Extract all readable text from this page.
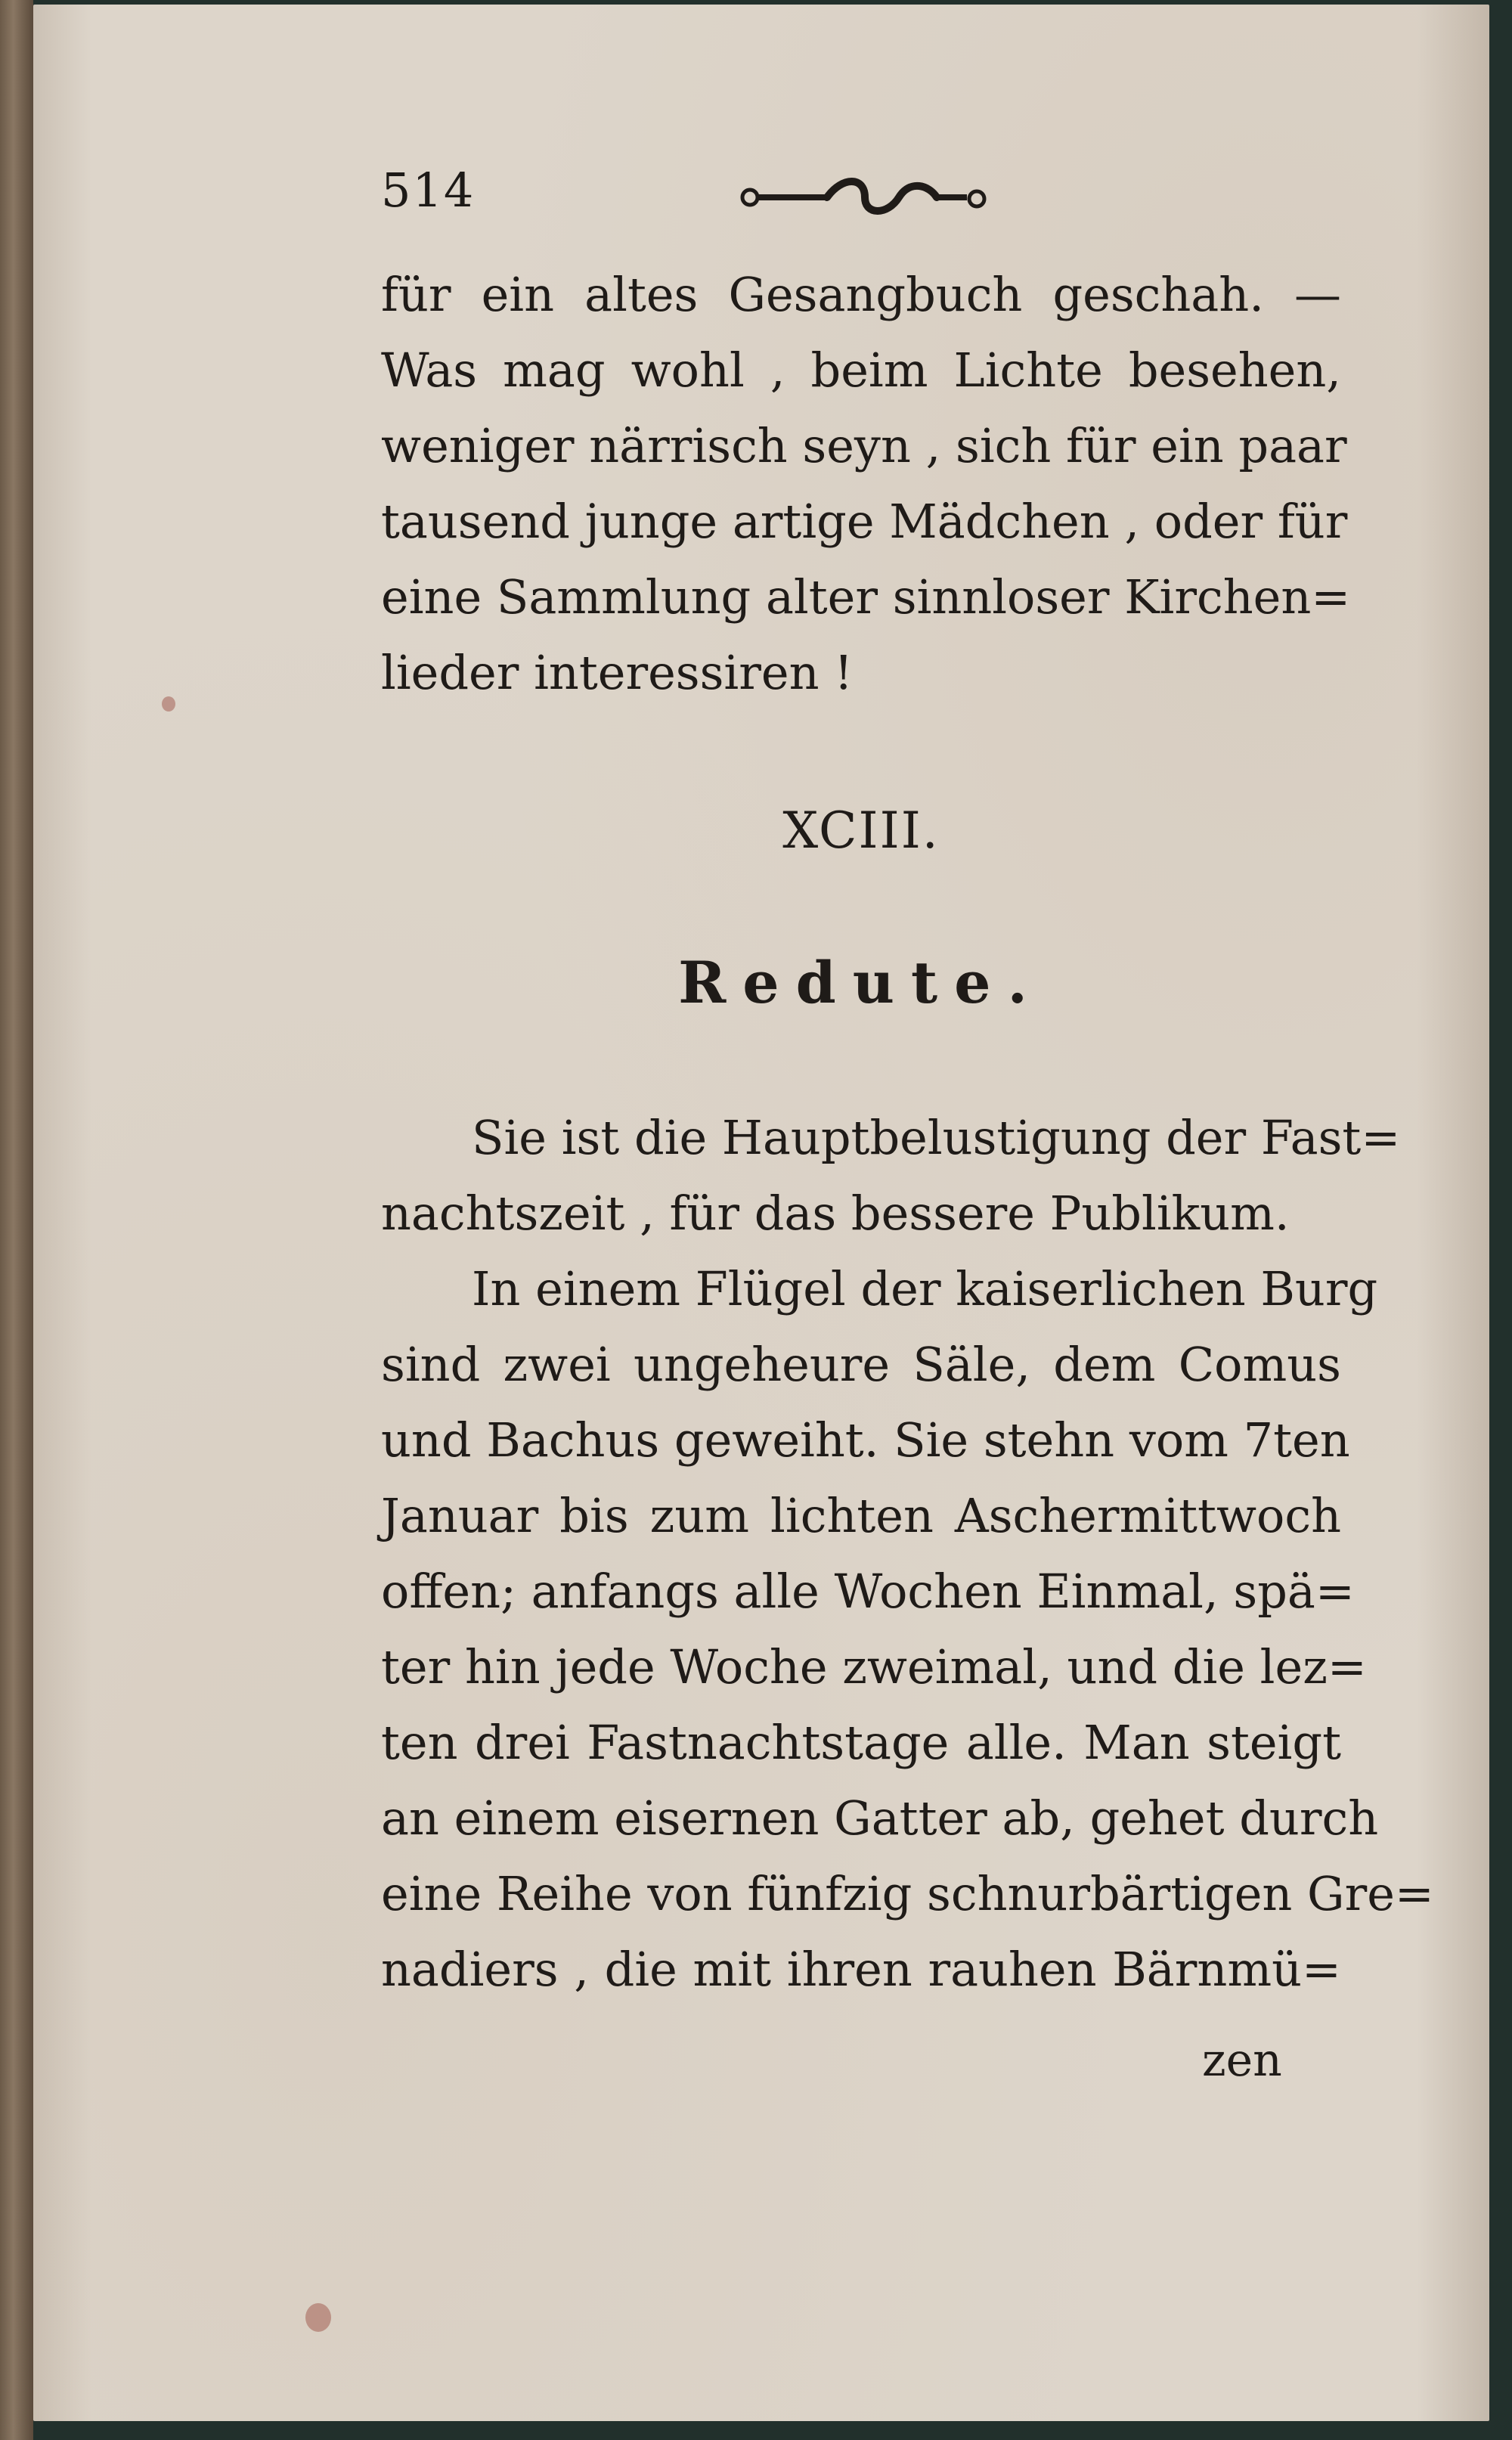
514
für ein altes Gesangbuch geschah. —
Was mag wohl , beim Lichte besehen,
weniger närrisch seyn , sich für ein paar
tausend junge artige Mädchen , oder für
eine Sammlung alter sinnloser Kirchen=
lieder interessiren !
XCIII.
Redute.
Sie ist die Hauptbelustigung der Fast=
nachtszeit , für das bessere Publikum.
In einem Flügel der kaiserlichen Burg
sind zwei ungeheure Säle, dem Comus
und Bachus geweiht. Sie stehn vom 7ten
Januar bis zum lichten Aschermittwoch
offen; anfangs alle Wochen Einmal, spä=
ter hin jede Woche zweimal, und die lez=
ten drei Fastnachtstage alle. Man steigt
an einem eisernen Gatter ab, gehet durch
eine Reihe von fünfzig schnurbärtigen Gre=
nadiers , die mit ihren rauhen Bärnmü=
zen
